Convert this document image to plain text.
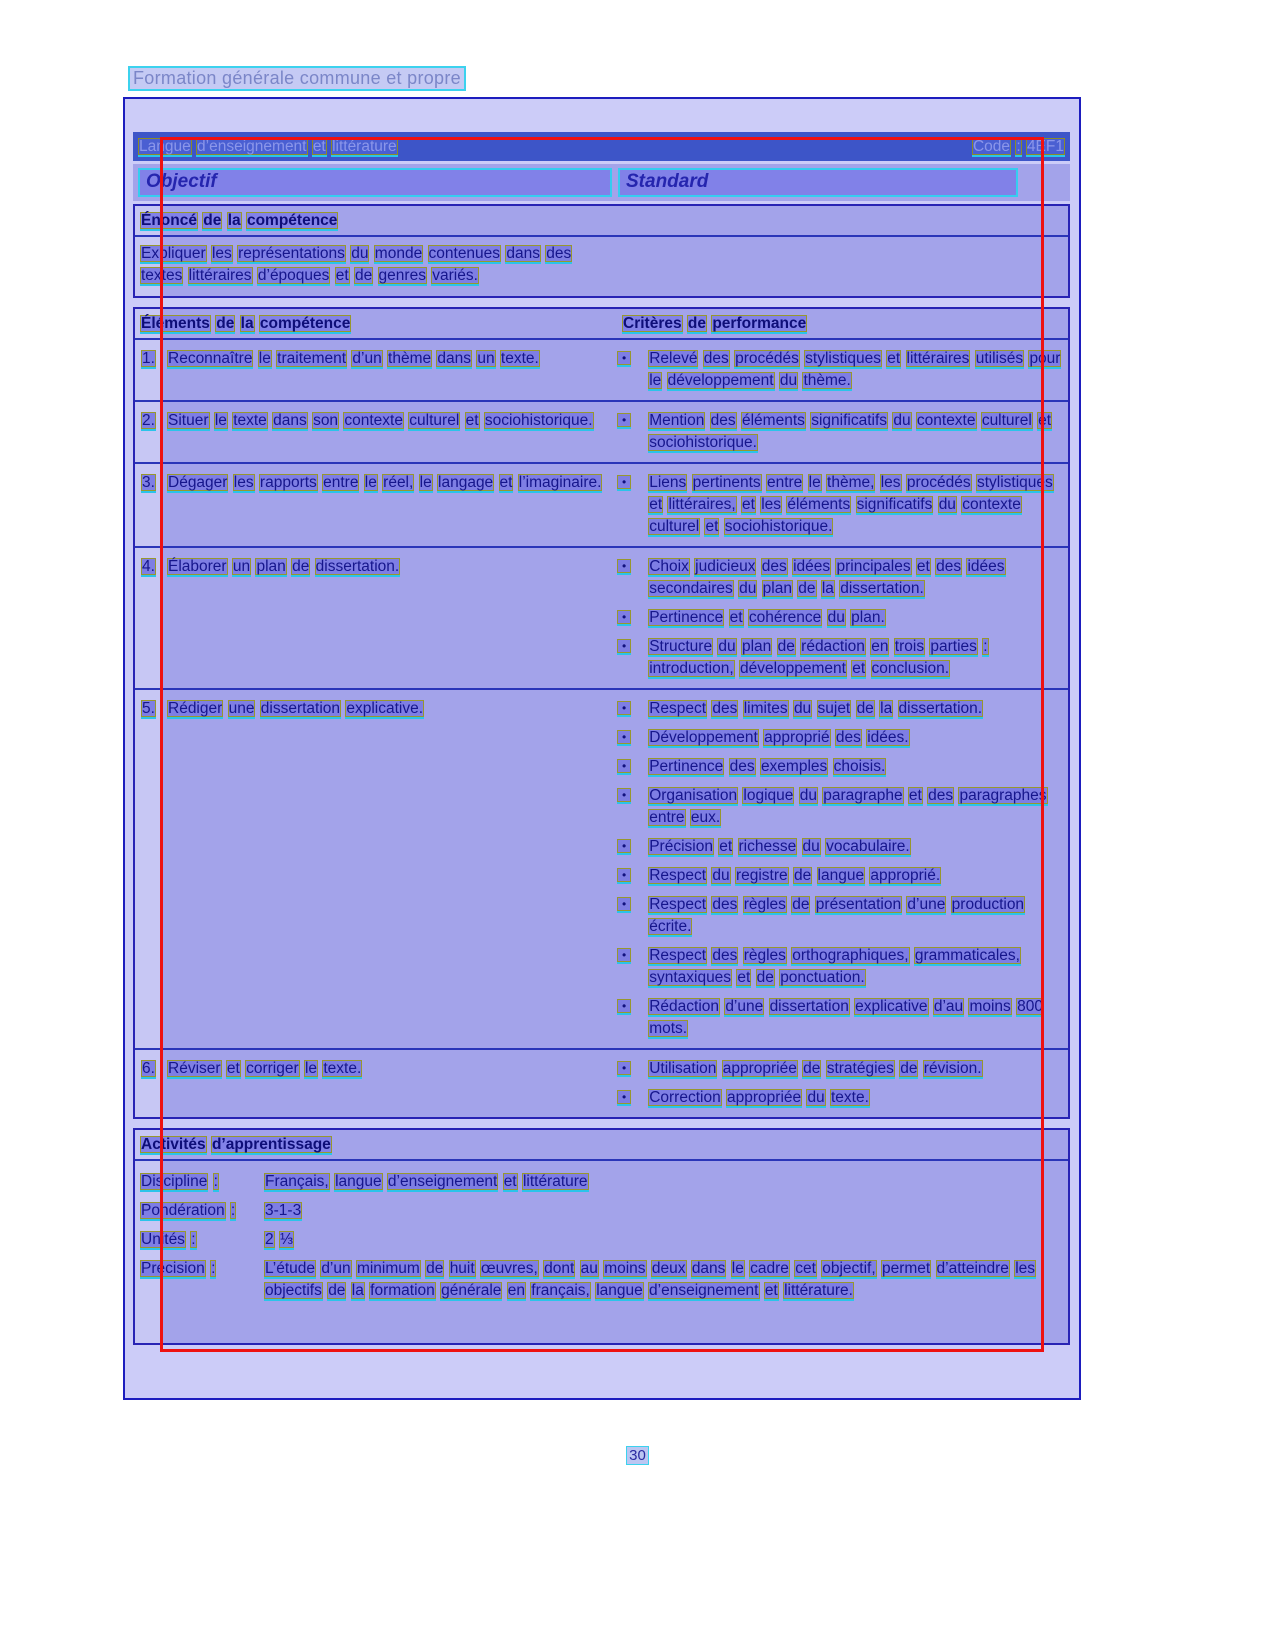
Formation générale commune et propre
Langue d’enseignement et littérature	Code : 4EF1
Objectif	Standard
Énoncé de la compétence
Expliquer les représentations du monde contenues dans des textes littéraires d’époques et de genres variés.
Éléments de la compétence	Critères de performance
1. Reconnaître le traitement d’un thème dans un texte.	•	Relevé des procédés stylistiques et littéraires utilisés pour le développement du thème.
2. Situer le texte dans son contexte culturel et sociohistorique.	•	Mention des éléments significatifs du contexte culturel et sociohistorique.
3. Dégager les rapports entre le réel, le langage et l’imaginaire.	•	Liens pertinents entre le thème, les procédés stylistiques et littéraires, et les éléments significatifs du contexte culturel et sociohistorique.
4. Élaborer un plan de dissertation.	•	Choix judicieux des idées principales et des idées secondaires du plan de la dissertation.
•	Pertinence et cohérence du plan.
•	Structure du plan de rédaction en trois parties : introduction, développement et conclusion.
5. Rédiger une dissertation explicative.	•	Respect des limites du sujet de la dissertation.
•	Développement approprié des idées.
•	Pertinence des exemples choisis.
•	Organisation logique du paragraphe et des paragraphes entre eux.
•	Précision et richesse du vocabulaire.
•	Respect du registre de langue approprié.
•	Respect des règles de présentation d’une production écrite.
•	Respect des règles orthographiques, grammaticales, syntaxiques et de ponctuation.
•	Rédaction d’une dissertation explicative d’au moins 800 mots.
6. Réviser et corriger le texte.	•	Utilisation appropriée de stratégies de révision.
•	Correction appropriée du texte.
Activités d’apprentissage
Discipline :	Français, langue d’enseignement et littérature
Pondération :	3-1-3
Unités :	2 ⅓
Précision :	L’étude d’un minimum de huit œuvres, dont au moins deux dans le cadre cet objectif, permet d’atteindre les objectifs de la formation générale en français, langue d’enseignement et littérature.
30
